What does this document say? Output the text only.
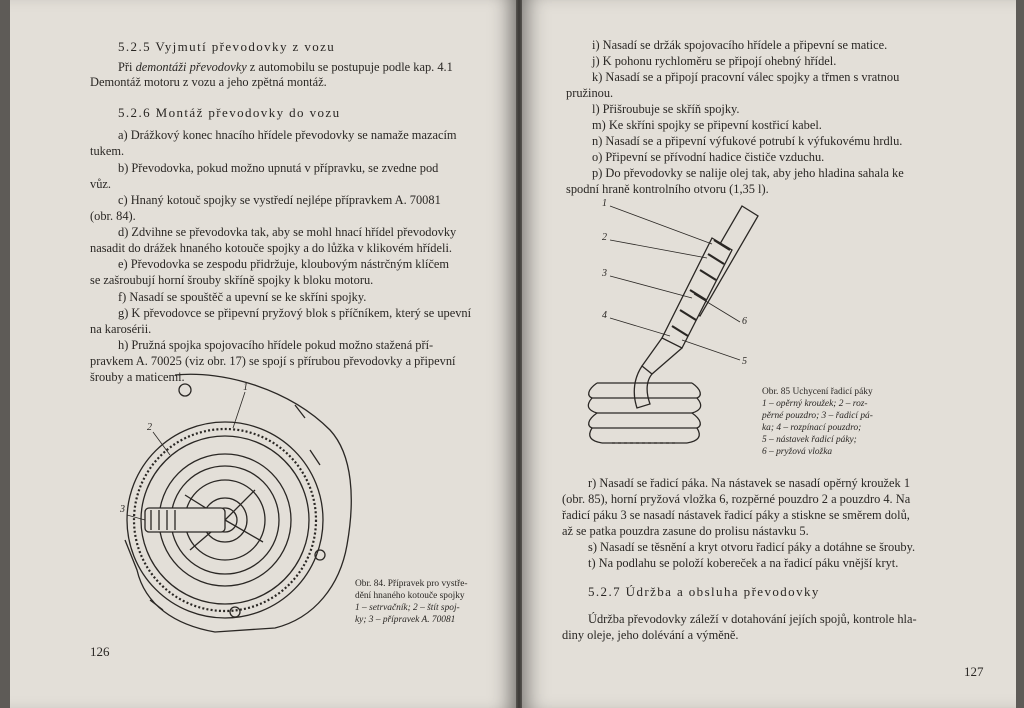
5.2.5 Vyjmutí převodovky z vozu
Při demontáži převodovky z automobilu se postupuje podle kap. 4.1
Demontáž motoru z vozu a jeho zpětná montáž.
5.2.6 Montáž převodovky do vozu
a) Drážkový konec hnacího hřídele převodovky se namaže mazacím
tukem.
b) Převodovka, pokud možno upnutá v přípravku, se zvedne pod
vůz.
c) Hnaný kotouč spojky se vystředí nejlépe přípravkem A. 70081
(obr. 84).
d) Zdvihne se převodovka tak, aby se mohl hnací hřídel převodovky
nasadit do drážek hnaného kotouče spojky a do lůžka v klikovém hřídeli.
e) Převodovka se zespodu přidržuje, kloubovým nástrčným klíčem
se zašroubují horní šrouby skříně spojky k bloku motoru.
f) Nasadí se spouštěč a upevní se ke skříni spojky.
g) K převodovce se připevní pryžový blok s příčníkem, který se upevní
na karosérii.
h) Pružná spojka spojovacího hřídele pokud možno stažená pří-
pravkem A. 70025 (viz obr. 17) se spojí s přírubou převodovky a připevní
šrouby a maticemi.
1
2
3
Obr. 84. Přípravek pro vystře-
dění hnaného kotouče spojky
1 – setrvačník; 2 – štít spoj-
ky; 3 – přípravek A. 70081
126
i) Nasadí se držák spojovacího hřídele a připevní se matice.
j) K pohonu rychloměru se připojí ohebný hřídel.
k) Nasadí se a připojí pracovní válec spojky a třmen s vratnou
pružinou.
l) Přišroubuje se skříň spojky.
m) Ke skříni spojky se připevní kostřicí kabel.
n) Nasadí se a připevní výfukové potrubí k výfukovému hrdlu.
o) Připevní se přívodní hadice čističe vzduchu.
p) Do převodovky se nalije olej tak, aby jeho hladina sahala ke
spodní hraně kontrolního otvoru (1,35 l).
1
2
3
4
5
6
Obr. 85 Uchycení řadicí páky
1 – opěrný kroužek; 2 – roz-
pěrné pouzdro; 3 – řadicí pá-
ka; 4 – rozpínací pouzdro;
5 – nástavek řadicí páky;
6 – pryžová vložka
r) Nasadí se řadicí páka. Na nástavek se nasadí opěrný kroužek 1
(obr. 85), horní pryžová vložka 6, rozpěrné pouzdro 2 a pouzdro 4. Na
řadicí páku 3 se nasadí nástavek řadicí páky a stiskne se směrem dolů,
až se patka pouzdra zasune do prolisu nástavku 5.
s) Nasadí se těsnění a kryt otvoru řadicí páky a dotáhne se šrouby.
t) Na podlahu se položí kobereček a na řadicí páku vnější kryt.
5.2.7 Údržba a obsluha převodovky
Údržba převodovky záleží v dotahování jejích spojů, kontrole hla-
diny oleje, jeho dolévání a výměně.
127
